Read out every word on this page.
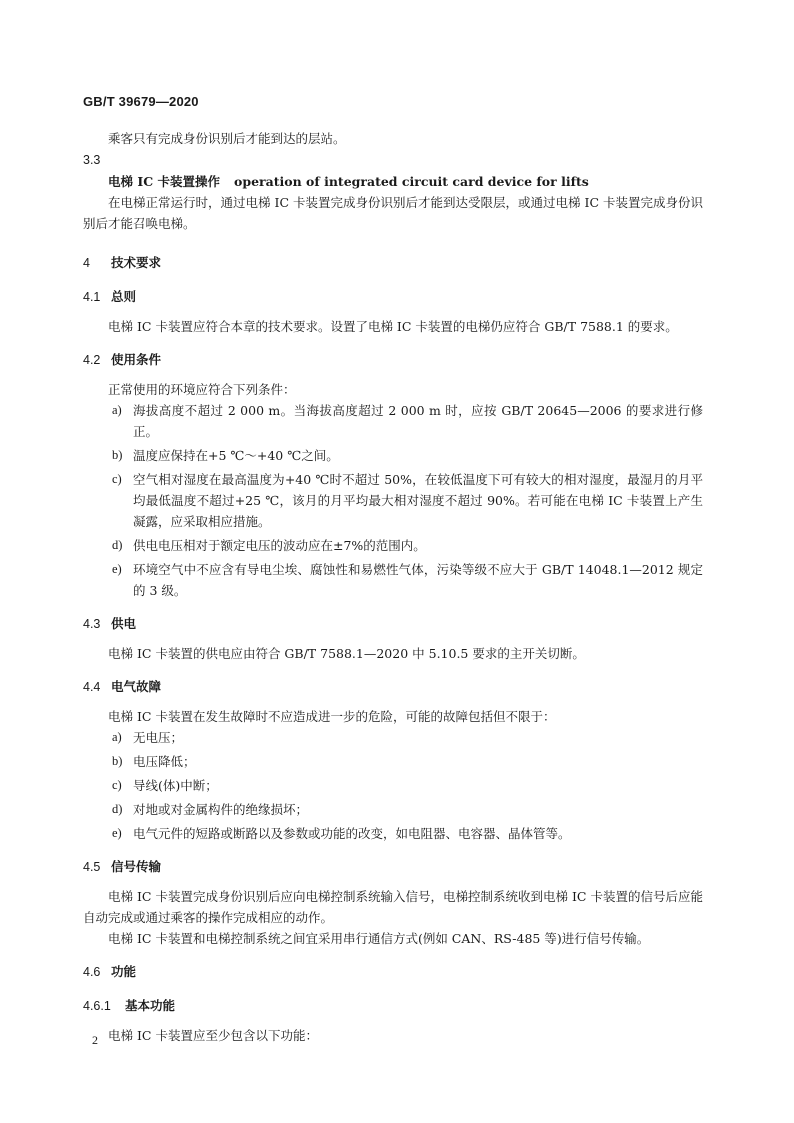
GB/T 39679—2020

乘客只有完成身份识别后才能到达的层站。

3.3

电梯 IC 卡装置操作 operation of integrated circuit card device for lifts

在电梯正常运行时，通过电梯 IC 卡装置完成身份识别后才能到达受限层，或通过电梯 IC 卡装置完成身份识别后才能召唤电梯。

4 技术要求

4.1 总则

电梯 IC 卡装置应符合本章的技术要求。设置了电梯 IC 卡装置的电梯仍应符合 GB/T 7588.1 的要求。

4.2 使用条件

正常使用的环境应符合下列条件：

a) 海拔高度不超过 2 000 m。当海拔高度超过 2 000 m 时，应按 GB/T 20645—2006 的要求进行修正。

b) 温度应保持在+5 ℃～+40 ℃之间。

c) 空气相对湿度在最高温度为+40 ℃时不超过 50%，在较低温度下可有较大的相对湿度，最湿月的月平均最低温度不超过+25 ℃，该月的月平均最大相对湿度不超过 90%。若可能在电梯 IC 卡装置上产生凝露，应采取相应措施。

d) 供电电压相对于额定电压的波动应在±7%的范围内。

e) 环境空气中不应含有导电尘埃、腐蚀性和易燃性气体，污染等级不应大于 GB/T 14048.1—2012 规定的 3 级。

4.3 供电

电梯 IC 卡装置的供电应由符合 GB/T 7588.1—2020 中 5.10.5 要求的主开关切断。

4.4 电气故障

电梯 IC 卡装置在发生故障时不应造成进一步的危险，可能的故障包括但不限于：

a) 无电压；

b) 电压降低；

c) 导线(体)中断；

d) 对地或对金属构件的绝缘损坏；

e) 电气元件的短路或断路以及参数或功能的改变，如电阻器、电容器、晶体管等。

4.5 信号传输

电梯 IC 卡装置完成身份识别后应向电梯控制系统输入信号，电梯控制系统收到电梯 IC 卡装置的信号后应能自动完成或通过乘客的操作完成相应的动作。

电梯 IC 卡装置和电梯控制系统之间宜采用串行通信方式(例如 CAN、RS-485 等)进行信号传输。

4.6 功能

4.6.1 基本功能

电梯 IC 卡装置应至少包含以下功能：

2
